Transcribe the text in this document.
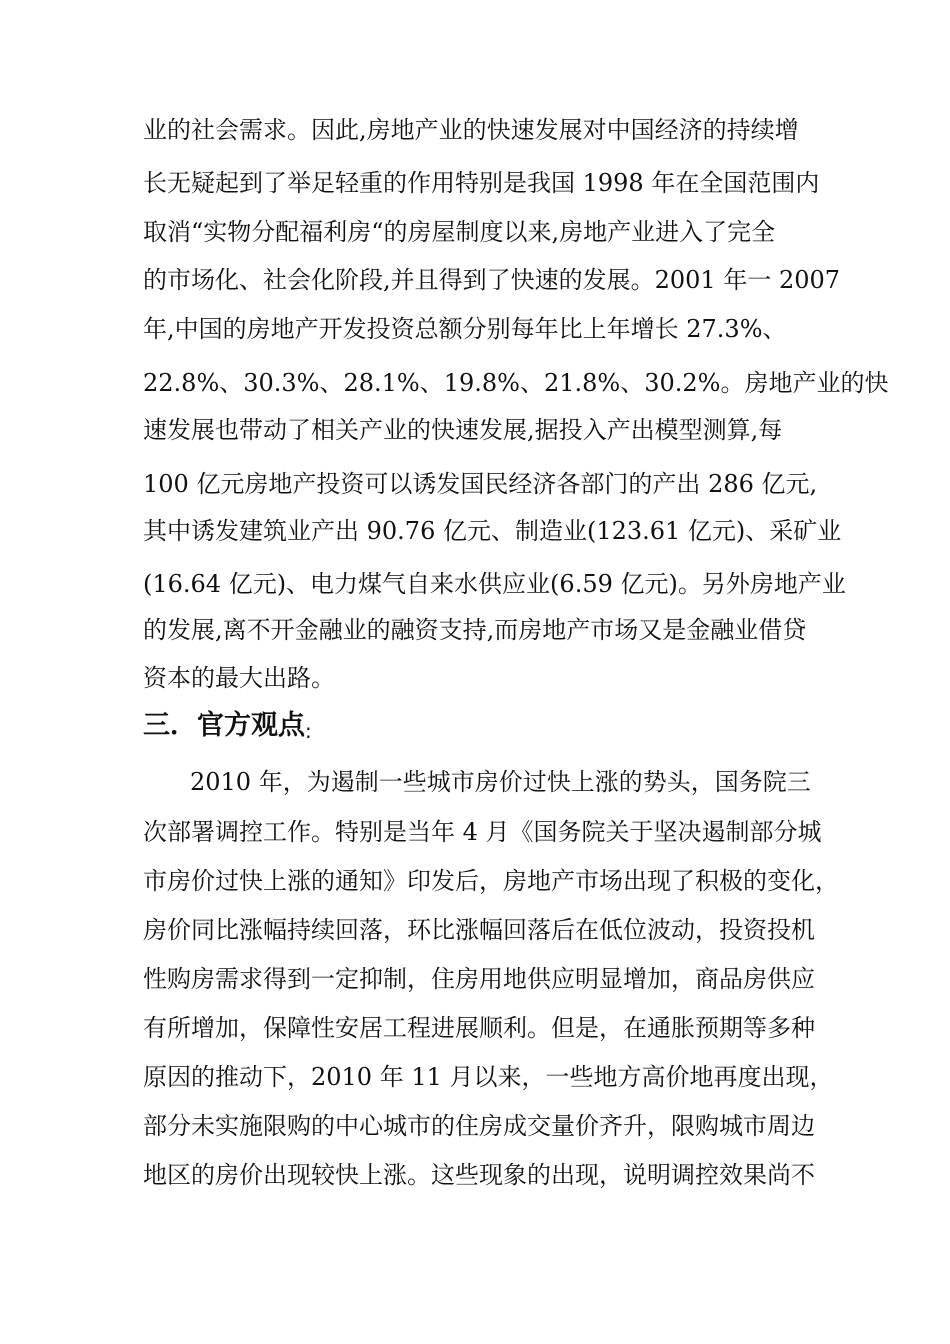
业的社会需求。因此,房地产业的快速发展对中国经济的持续增
长无疑起到了举足轻重的作用特别是我国 1998 年在全国范围内
取消“实物分配福利房“的房屋制度以来,房地产业进入了完全
的市场化、社会化阶段,并且得到了快速的发展。2001 年一 2007
年,中国的房地产开发投资总额分别每年比上年增长 27.3%、
22.8%、30.3%、28.1%、19.8%、21.8%、30.2%。房地产业的快
速发展也带动了相关产业的快速发展,据投入产出模型测算,每
100 亿元房地产投资可以诱发国民经济各部门的产出 286 亿元,
其中诱发建筑业产出 90.76 亿元、制造业(123.61 亿元)、采矿业
(16.64 亿元)、电力煤气自来水供应业(6.59 亿元)。另外房地产业
的发展,离不开金融业的融资支持,而房地产市场又是金融业借贷
资本的最大出路。
三．官方观点:
2010 年，为遏制一些城市房价过快上涨的势头，国务院三
次部署调控工作。特别是当年 4 月《国务院关于坚决遏制部分城
市房价过快上涨的通知》印发后，房地产市场出现了积极的变化，
房价同比涨幅持续回落，环比涨幅回落后在低位波动，投资投机
性购房需求得到一定抑制，住房用地供应明显增加，商品房供应
有所增加，保障性安居工程进展顺利。但是，在通胀预期等多种
原因的推动下，2010 年 11 月以来，一些地方高价地再度出现，
部分未实施限购的中心城市的住房成交量价齐升，限购城市周边
地区的房价出现较快上涨。这些现象的出现，说明调控效果尚不
